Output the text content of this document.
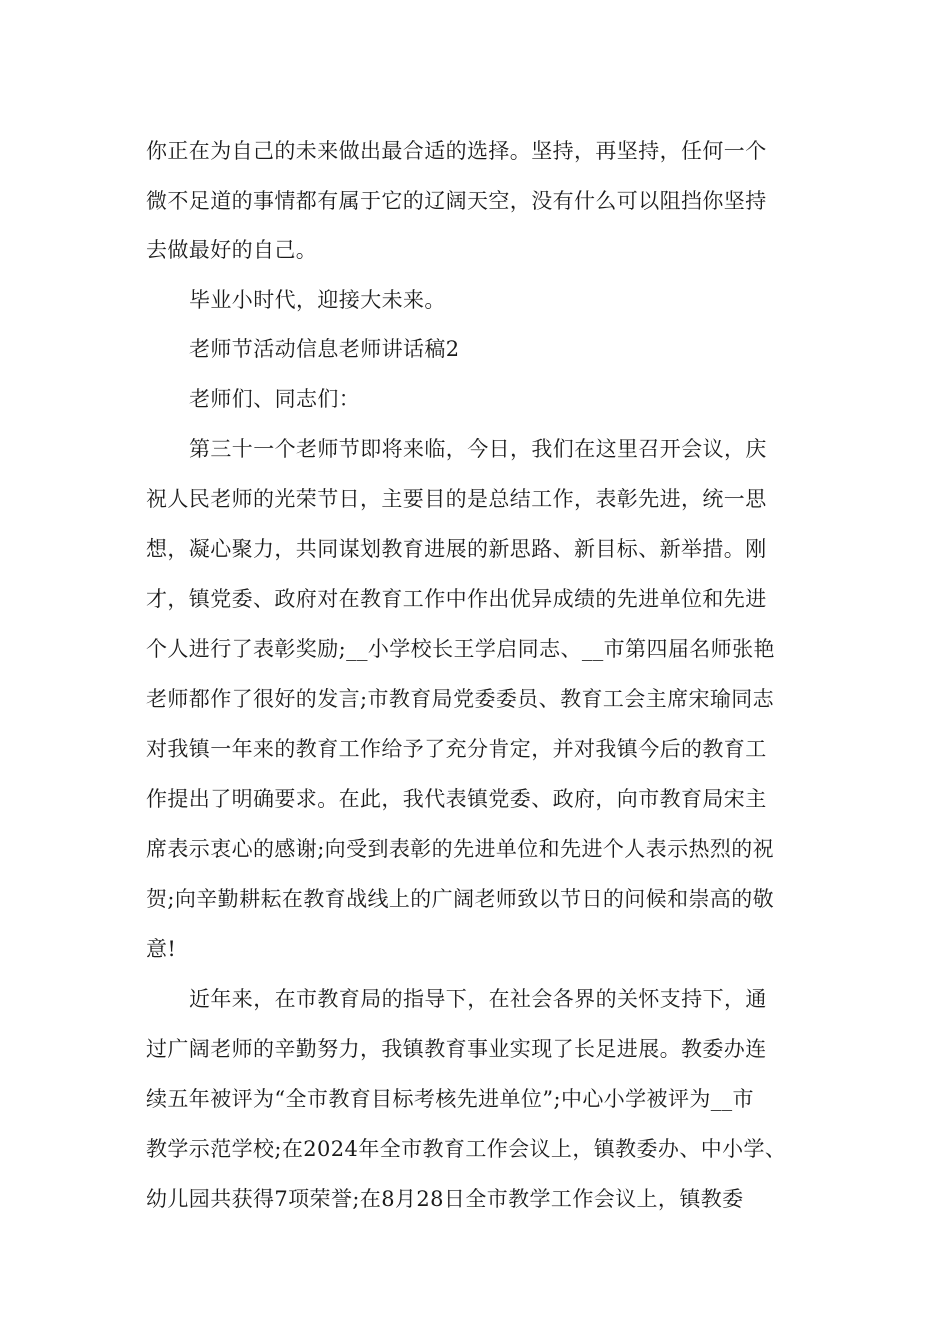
你正在为自己的未来做出最合适的选择。坚持，再坚持，任何一个
微不足道的事情都有属于它的辽阔天空，没有什么可以阻挡你坚持
去做最好的自己。
毕业小时代，迎接大未来。
老师节活动信息老师讲话稿2
老师们、同志们：
第三十一个老师节即将来临，今日，我们在这里召开会议，庆
祝人民老师的光荣节日，主要目的是总结工作，表彰先进，统一思
想，凝心聚力，共同谋划教育进展的新思路、新目标、新举措。刚
才，镇党委、政府对在教育工作中作出优异成绩的先进单位和先进
个人进行了表彰奖励;__小学校长王学启同志、__市第四届名师张艳
老师都作了很好的发言;市教育局党委委员、教育工会主席宋瑜同志
对我镇一年来的教育工作给予了充分肯定，并对我镇今后的教育工
作提出了明确要求。在此，我代表镇党委、政府，向市教育局宋主
席表示衷心的感谢;向受到表彰的先进单位和先进个人表示热烈的祝
贺;向辛勤耕耘在教育战线上的广阔老师致以节日的问候和崇高的敬
意!
近年来，在市教育局的指导下，在社会各界的关怀支持下，通
过广阔老师的辛勤努力，我镇教育事业实现了长足进展。教委办连
续五年被评为“全市教育目标考核先进单位”;中心小学被评为__市
教学示范学校;在2024年全市教育工作会议上，镇教委办、中小学、
幼儿园共获得7项荣誉;在8月28日全市教学工作会议上，镇教委
